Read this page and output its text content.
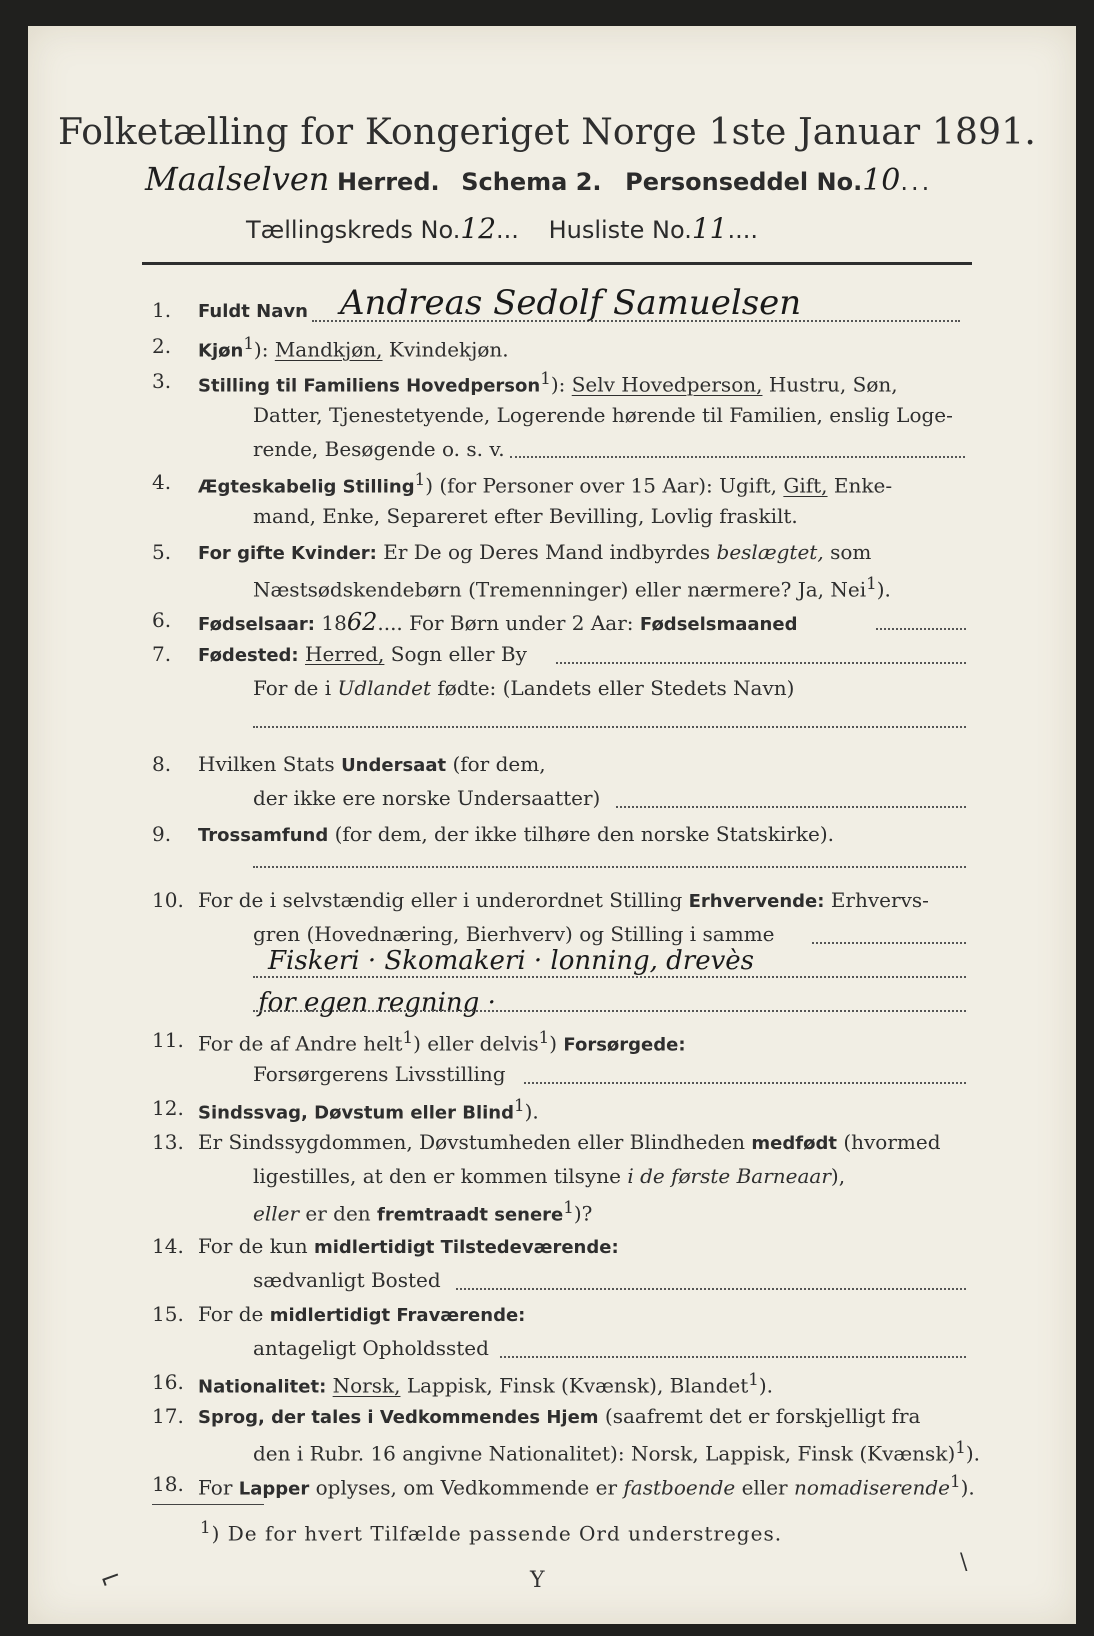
Folketælling for Kongeriget Norge 1ste Januar 1891.
Maalselven Herred. Schema 2. Personseddel No.10...
Tællingskreds No.12... Husliste No.11....
1. Fuldt Navn Andreas Sedolf Samuelsen
2. Kjøn$^1$): Mandkjøn, Kvindekjøn.
3. Stilling til Familiens Hovedperson$^1$): Selv Hovedperson, Hustru, Søn,
Datter, Tjenestetyende, Logerende hørende til Familien, enslig Loge-
rende, Besøgende o. s. v.
4. Ægteskabelig Stilling$^1$) (for Personer over 15 Aar): Ugift, Gift, Enke-
mand, Enke, Separeret efter Bevilling, Lovlig fraskilt.
5. For gifte Kvinder: Er De og Deres Mand indbyrdes beslægtet, som
Næstsødskendebørn (Tremenninger) eller nærmere? Ja, Nei$^1$).
6. Fødselsaar: 1862.... For Børn under 2 Aar: Fødselsmaaned
7. Fødested: Herred, Sogn eller By
For de i Udlandet fødte: (Landets eller Stedets Navn)
8. Hvilken Stats Undersaat (for dem,
der ikke ere norske Undersaatter)
9. Trossamfund (for dem, der ikke tilhøre den norske Statskirke).
10. For de i selvstændig eller i underordnet Stilling Erhvervende: Erhvervs-
gren (Hovednæring, Bierhverv) og Stilling i samme
Fiskeri · Skomakeri · lonning, drevès
for egen regning ·
11. For de af Andre helt$^1$) eller delvis$^1$) Forsørgede:
Forsørgerens Livsstilling
12. Sindssvag, Døvstum eller Blind$^1$).
13. Er Sindssygdommen, Døvstumheden eller Blindheden medfødt (hvormed
ligestilles, at den er kommen tilsyne i de første Barneaar),
eller er den fremtraadt senere$^1$)?
14. For de kun midlertidigt Tilstedeværende:
sædvanligt Bosted
15. For de midlertidigt Fraværende:
antageligt Opholdssted
16. Nationalitet: Norsk, Lappisk, Finsk (Kvænsk), Blandet$^1$).
17. Sprog, der tales i Vedkommendes Hjem (saafremt det er forskjelligt fra
den i Rubr. 16 angivne Nationalitet): Norsk, Lappisk, Finsk (Kvænsk)$^1$).
18. For Lapper oplyses, om Vedkommende er fastboende eller nomadiserende$^1$).
$^1$) De for hvert Tilfælde passende Ord understreges.
⌐	Y
\
